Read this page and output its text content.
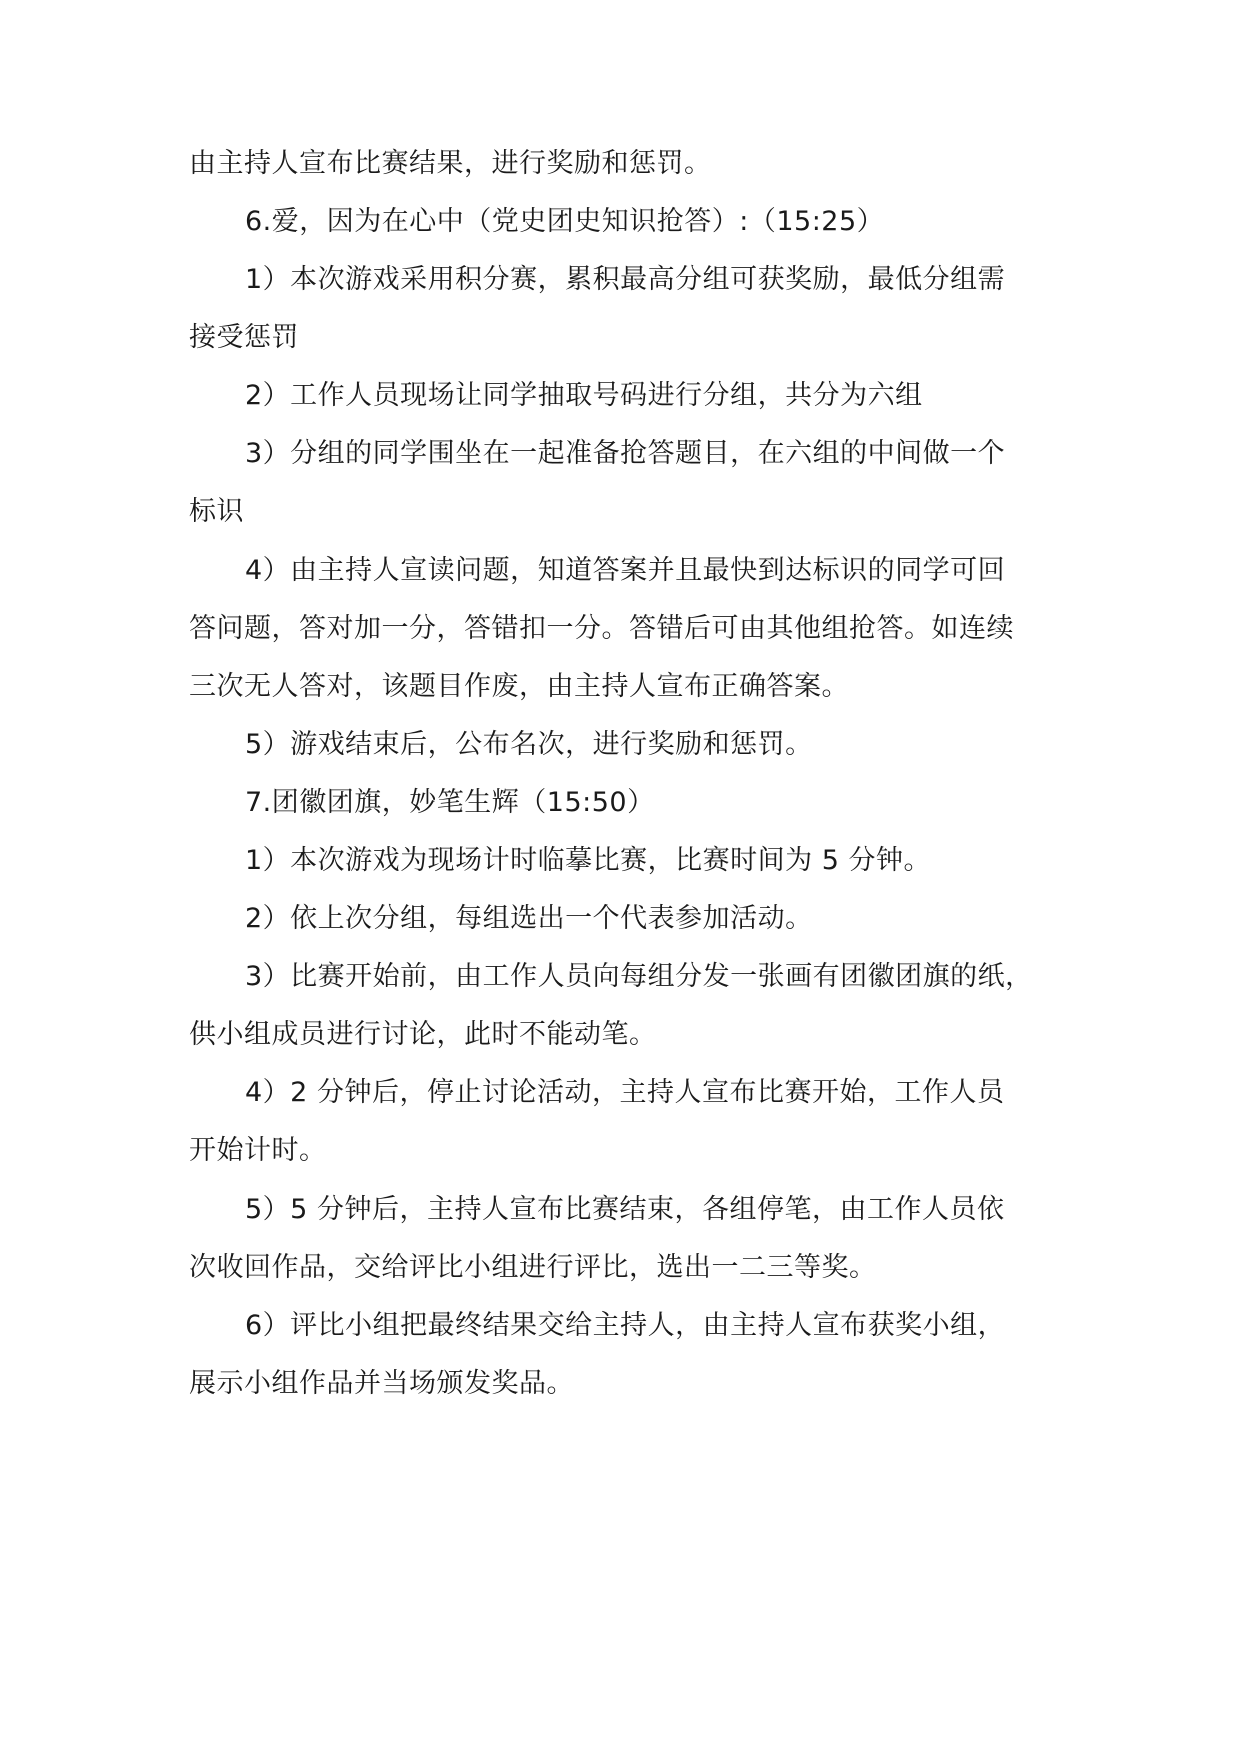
由主持人宣布比赛结果，进行奖励和惩罚。
6.爱，因为在心中（党史团史知识抢答）:（15:25）
1）本次游戏采用积分赛，累积最高分组可获奖励，最低分组需
接受惩罚
2）工作人员现场让同学抽取号码进行分组，共分为六组
3）分组的同学围坐在一起准备抢答题目，在六组的中间做一个
标识
4）由主持人宣读问题，知道答案并且最快到达标识的同学可回
答问题，答对加一分，答错扣一分。答错后可由其他组抢答。如连续
三次无人答对，该题目作废，由主持人宣布正确答案。
5）游戏结束后，公布名次，进行奖励和惩罚。
7.团徽团旗，妙笔生辉（15:50）
1）本次游戏为现场计时临摹比赛，比赛时间为 5 分钟。
2）依上次分组，每组选出一个代表参加活动。
3）比赛开始前，由工作人员向每组分发一张画有团徽团旗的纸，
供小组成员进行讨论，此时不能动笔。
4）2 分钟后，停止讨论活动，主持人宣布比赛开始，工作人员
开始计时。
5）5 分钟后，主持人宣布比赛结束，各组停笔，由工作人员依
次收回作品，交给评比小组进行评比，选出一二三等奖。
6）评比小组把最终结果交给主持人，由主持人宣布获奖小组，
展示小组作品并当场颁发奖品。
